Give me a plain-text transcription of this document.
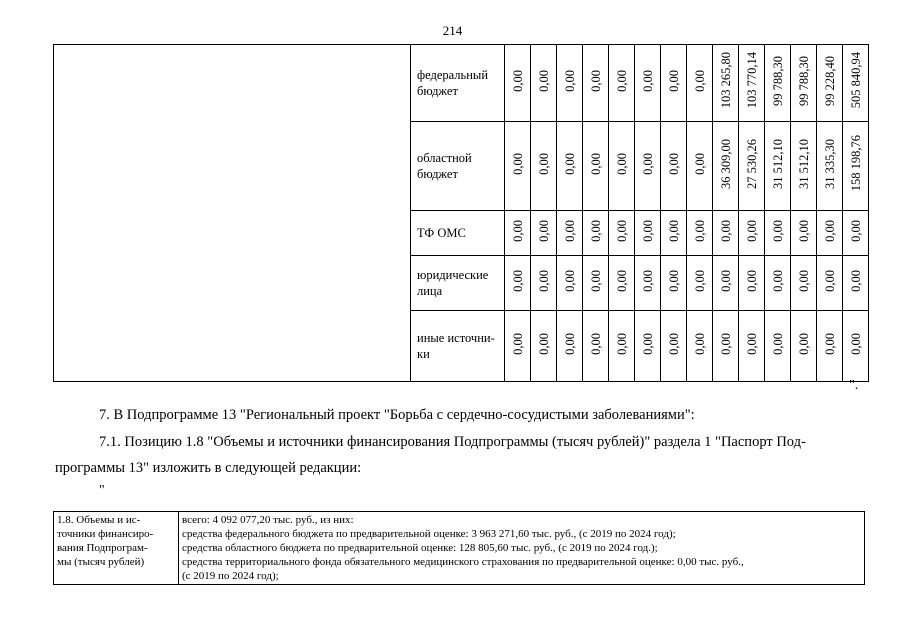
214
	федеральный бюджет	0,00	0,00	0,00	0,00	0,00	0,00	0,00	0,00	103 265,80	103 770,14	99 788,30	99 788,30	99 228,40	505 840,94
	областной бюджет	0,00	0,00	0,00	0,00	0,00	0,00	0,00	0,00	36 309,00	27 530,26	31 512,10	31 512,10	31 335,30	158 198,76
	ТФ ОМС	0,00	0,00	0,00	0,00	0,00	0,00	0,00	0,00	0,00	0,00	0,00	0,00	0,00	0,00
	юридические лица	0,00	0,00	0,00	0,00	0,00	0,00	0,00	0,00	0,00	0,00	0,00	0,00	0,00	0,00
	иные источни-ки	0,00	0,00	0,00	0,00	0,00	0,00	0,00	0,00	0,00	0,00	0,00	0,00	0,00	0,00
".
7. В Подпрограмме 13 "Региональный проект "Борьба с сердечно-сосудистыми заболеваниями":
7.1. Позицию 1.8 "Объемы и источники финансирования Подпрограммы (тысяч рублей)" раздела 1 "Паспорт Под-
программы 13" изложить в следующей редакции:
"
1.8. Объемы и ис-
точники финансиро-
вания Подпрограм-
мы (тысяч рублей)

всего: 4 092 077,20 тыс. руб., из них:
средства федерального бюджета по предварительной оценке: 3 963 271,60 тыс. руб., (с 2019 по 2024 год);
средства областного бюджета по предварительной оценке: 128 805,60 тыс. руб., (с 2019 по 2024 год.);
средства территориального фонда обязательного медицинского страхования по предварительной оценке: 0,00 тыс. руб.,
(с 2019 по 2024 год);
